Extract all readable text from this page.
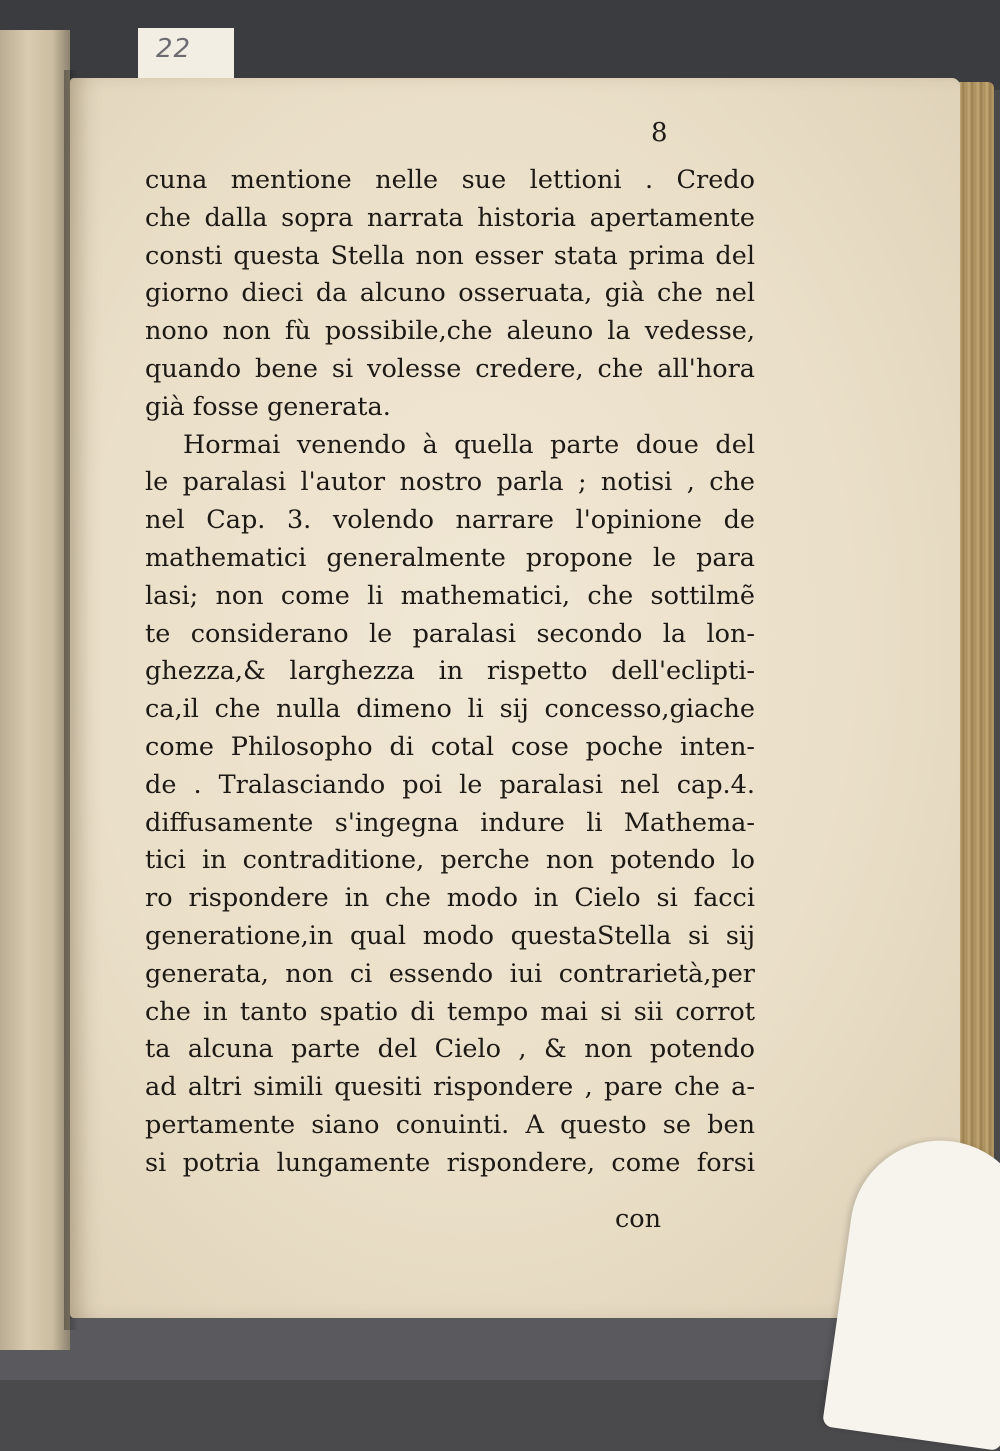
22
8
cuna mentione nelle sue lettioni . Credo
che dalla sopra narrata historia apertamente
consti questa Stella non esser stata prima del
giorno dieci da alcuno osseruata, già che nel
nono non fù possibile,che aleuno la vedesse,
quando bene si volesse credere, che all'hora
già fosse generata.
Hormai venendo à quella parte doue del
le paralasi l'autor nostro parla ; notisi , che
nel Cap. 3. volendo narrare l'opinione de
mathematici generalmente propone le para
lasi; non come li mathematici, che sottilmẽ
te considerano le paralasi secondo la lon-
ghezza,& larghezza in rispetto dell'eclipti-
ca,il che nulla dimeno li sij concesso,giache
come Philosopho di cotal cose poche inten-
de . Tralasciando poi le paralasi nel cap.4.
diffusamente s'ingegna indure li Mathema-
tici in contraditione, perche non potendo lo
ro rispondere in che modo in Cielo si facci
generatione,in qual modo questaStella si sij
generata, non ci essendo iui contrarietà,per
che in tanto spatio di tempo mai si sii corrot
ta alcuna parte del Cielo , & non potendo
ad altri simili quesiti rispondere , pare che a-
pertamente siano conuinti. A questo se ben
si potria lungamente rispondere, come forsi
con
